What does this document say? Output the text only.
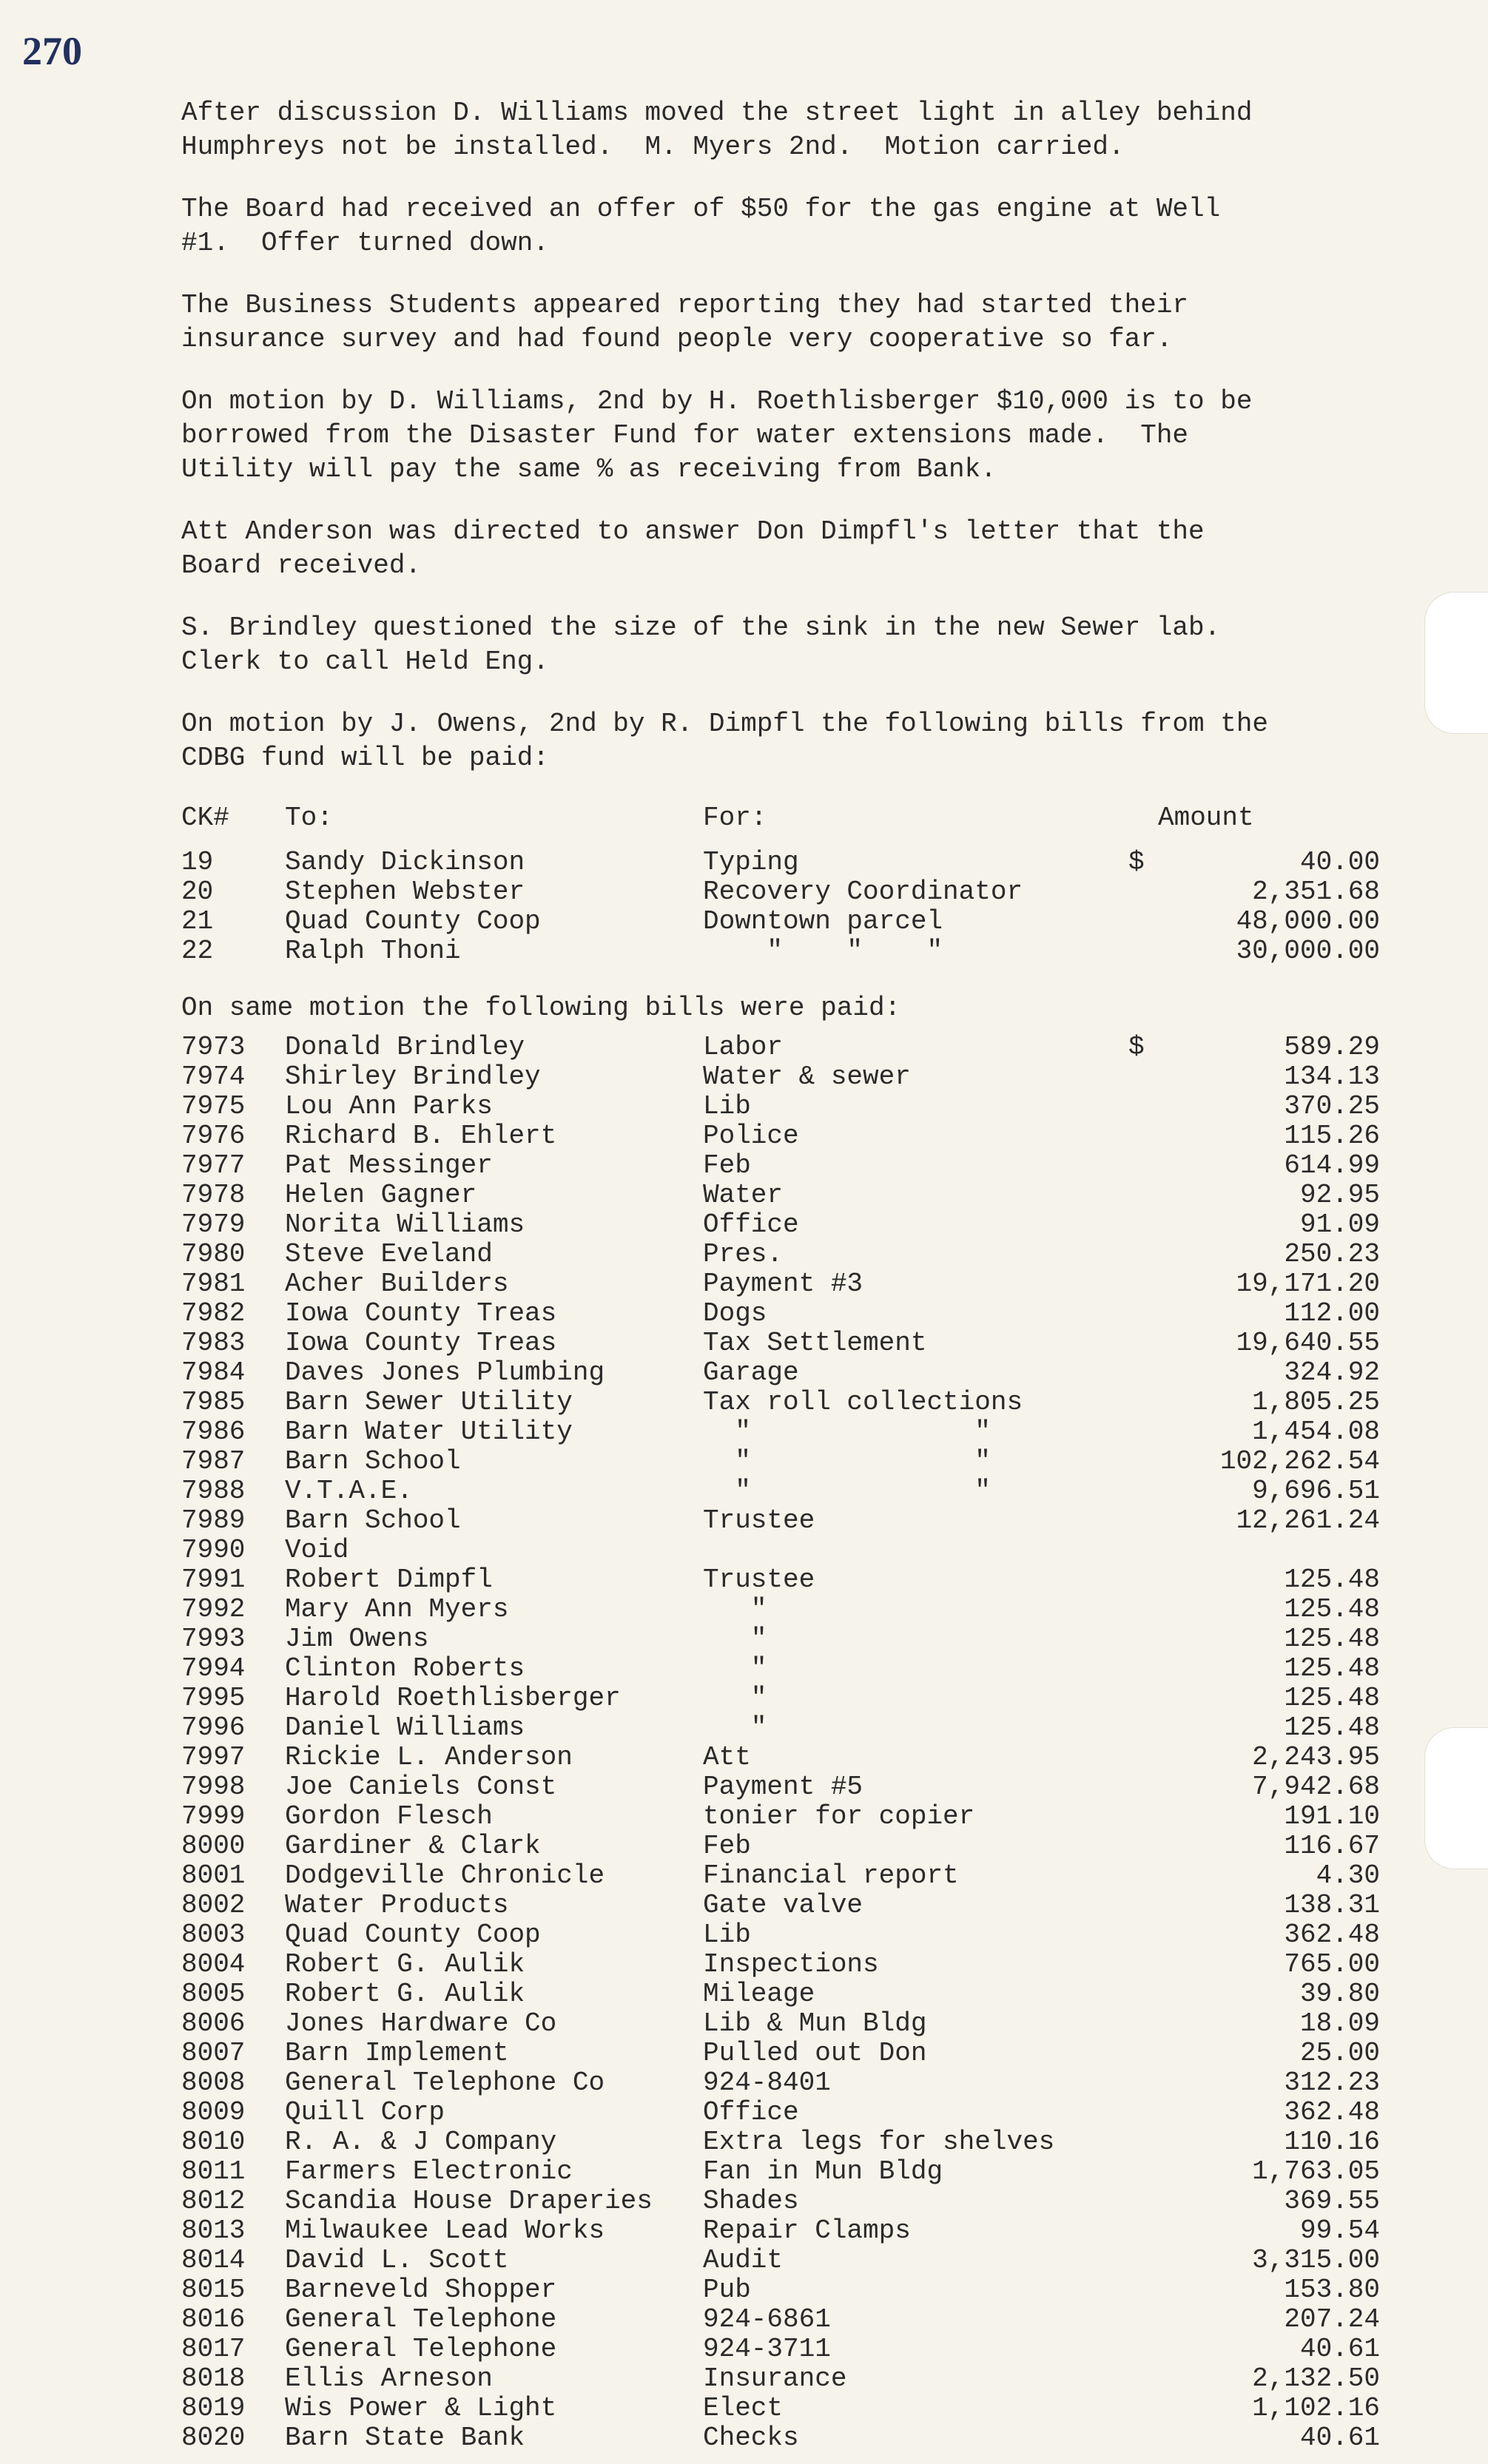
270

After discussion D. Williams moved the street light in alley behind
Humphreys not be installed.  M. Myers 2nd.  Motion carried.

The Board had received an offer of $50 for the gas engine at Well
#1.  Offer turned down.

The Business Students appeared reporting they had started their
insurance survey and had found people very cooperative so far.

On motion by D. Williams, 2nd by H. Roethlisberger $10,000 is to be
borrowed from the Disaster Fund for water extensions made.  The
Utility will pay the same % as receiving from Bank.

Att Anderson was directed to answer Don Dimpfl's letter that the
Board received.

S. Brindley questioned the size of the sink in the new Sewer lab.
Clerk to call Held Eng.

On motion by J. Owens, 2nd by R. Dimpfl the following bills from the
CDBG fund will be paid:

CK#	To:	For:		Amount
19	Sandy Dickinson	Typing	$	40.00
20	Stephen Webster	Recovery Coordinator		2,351.68
21	Quad County Coop	Downtown parcel		48,000.00
22	Ralph Thoni	"    "    "		30,000.00

On same motion the following bills were paid:

7973	Donald Brindley	Labor	$	589.29
7974	Shirley Brindley	Water & sewer		134.13
7975	Lou Ann Parks	Lib		370.25
7976	Richard B. Ehlert	Police		115.26
7977	Pat Messinger	Feb		614.99
7978	Helen Gagner	Water		92.95
7979	Norita Williams	Office		91.09
7980	Steve Eveland	Pres.		250.23
7981	Acher Builders	Payment #3		19,171.20
7982	Iowa County Treas	Dogs		112.00
7983	Iowa County Treas	Tax Settlement		19,640.55
7984	Daves Jones Plumbing	Garage		324.92
7985	Barn Sewer Utility	Tax roll collections		1,805.25
7986	Barn Water Utility	"              "		1,454.08
7987	Barn School	"              "		102,262.54
7988	V.T.A.E.	"              "		9,696.51
7989	Barn School	Trustee		12,261.24
7990	Void			
7991	Robert Dimpfl	Trustee		125.48
7992	Mary Ann Myers	"		125.48
7993	Jim Owens	"		125.48
7994	Clinton Roberts	"		125.48
7995	Harold Roethlisberger	"		125.48
7996	Daniel Williams	"		125.48
7997	Rickie L. Anderson	Att		2,243.95
7998	Joe Caniels Const	Payment #5		7,942.68
7999	Gordon Flesch	tonier for copier		191.10
8000	Gardiner & Clark	Feb		116.67
8001	Dodgeville Chronicle	Financial report		4.30
8002	Water Products	Gate valve		138.31
8003	Quad County Coop	Lib		362.48
8004	Robert G. Aulik	Inspections		765.00
8005	Robert G. Aulik	Mileage		39.80
8006	Jones Hardware Co	Lib & Mun Bldg		18.09
8007	Barn Implement	Pulled out Don		25.00
8008	General Telephone Co	924-8401		312.23
8009	Quill Corp	Office		362.48
8010	R. A. & J Company	Extra legs for shelves		110.16
8011	Farmers Electronic	Fan in Mun Bldg		1,763.05
8012	Scandia House Draperies	Shades		369.55
8013	Milwaukee Lead Works	Repair Clamps		99.54
8014	David L. Scott	Audit		3,315.00
8015	Barneveld Shopper	Pub		153.80
8016	General Telephone	924-6861		207.24
8017	General Telephone	924-3711		40.61
8018	Ellis Arneson	Insurance		2,132.50
8019	Wis Power & Light	Elect		1,102.16
8020	Barn State Bank	Checks		40.61
